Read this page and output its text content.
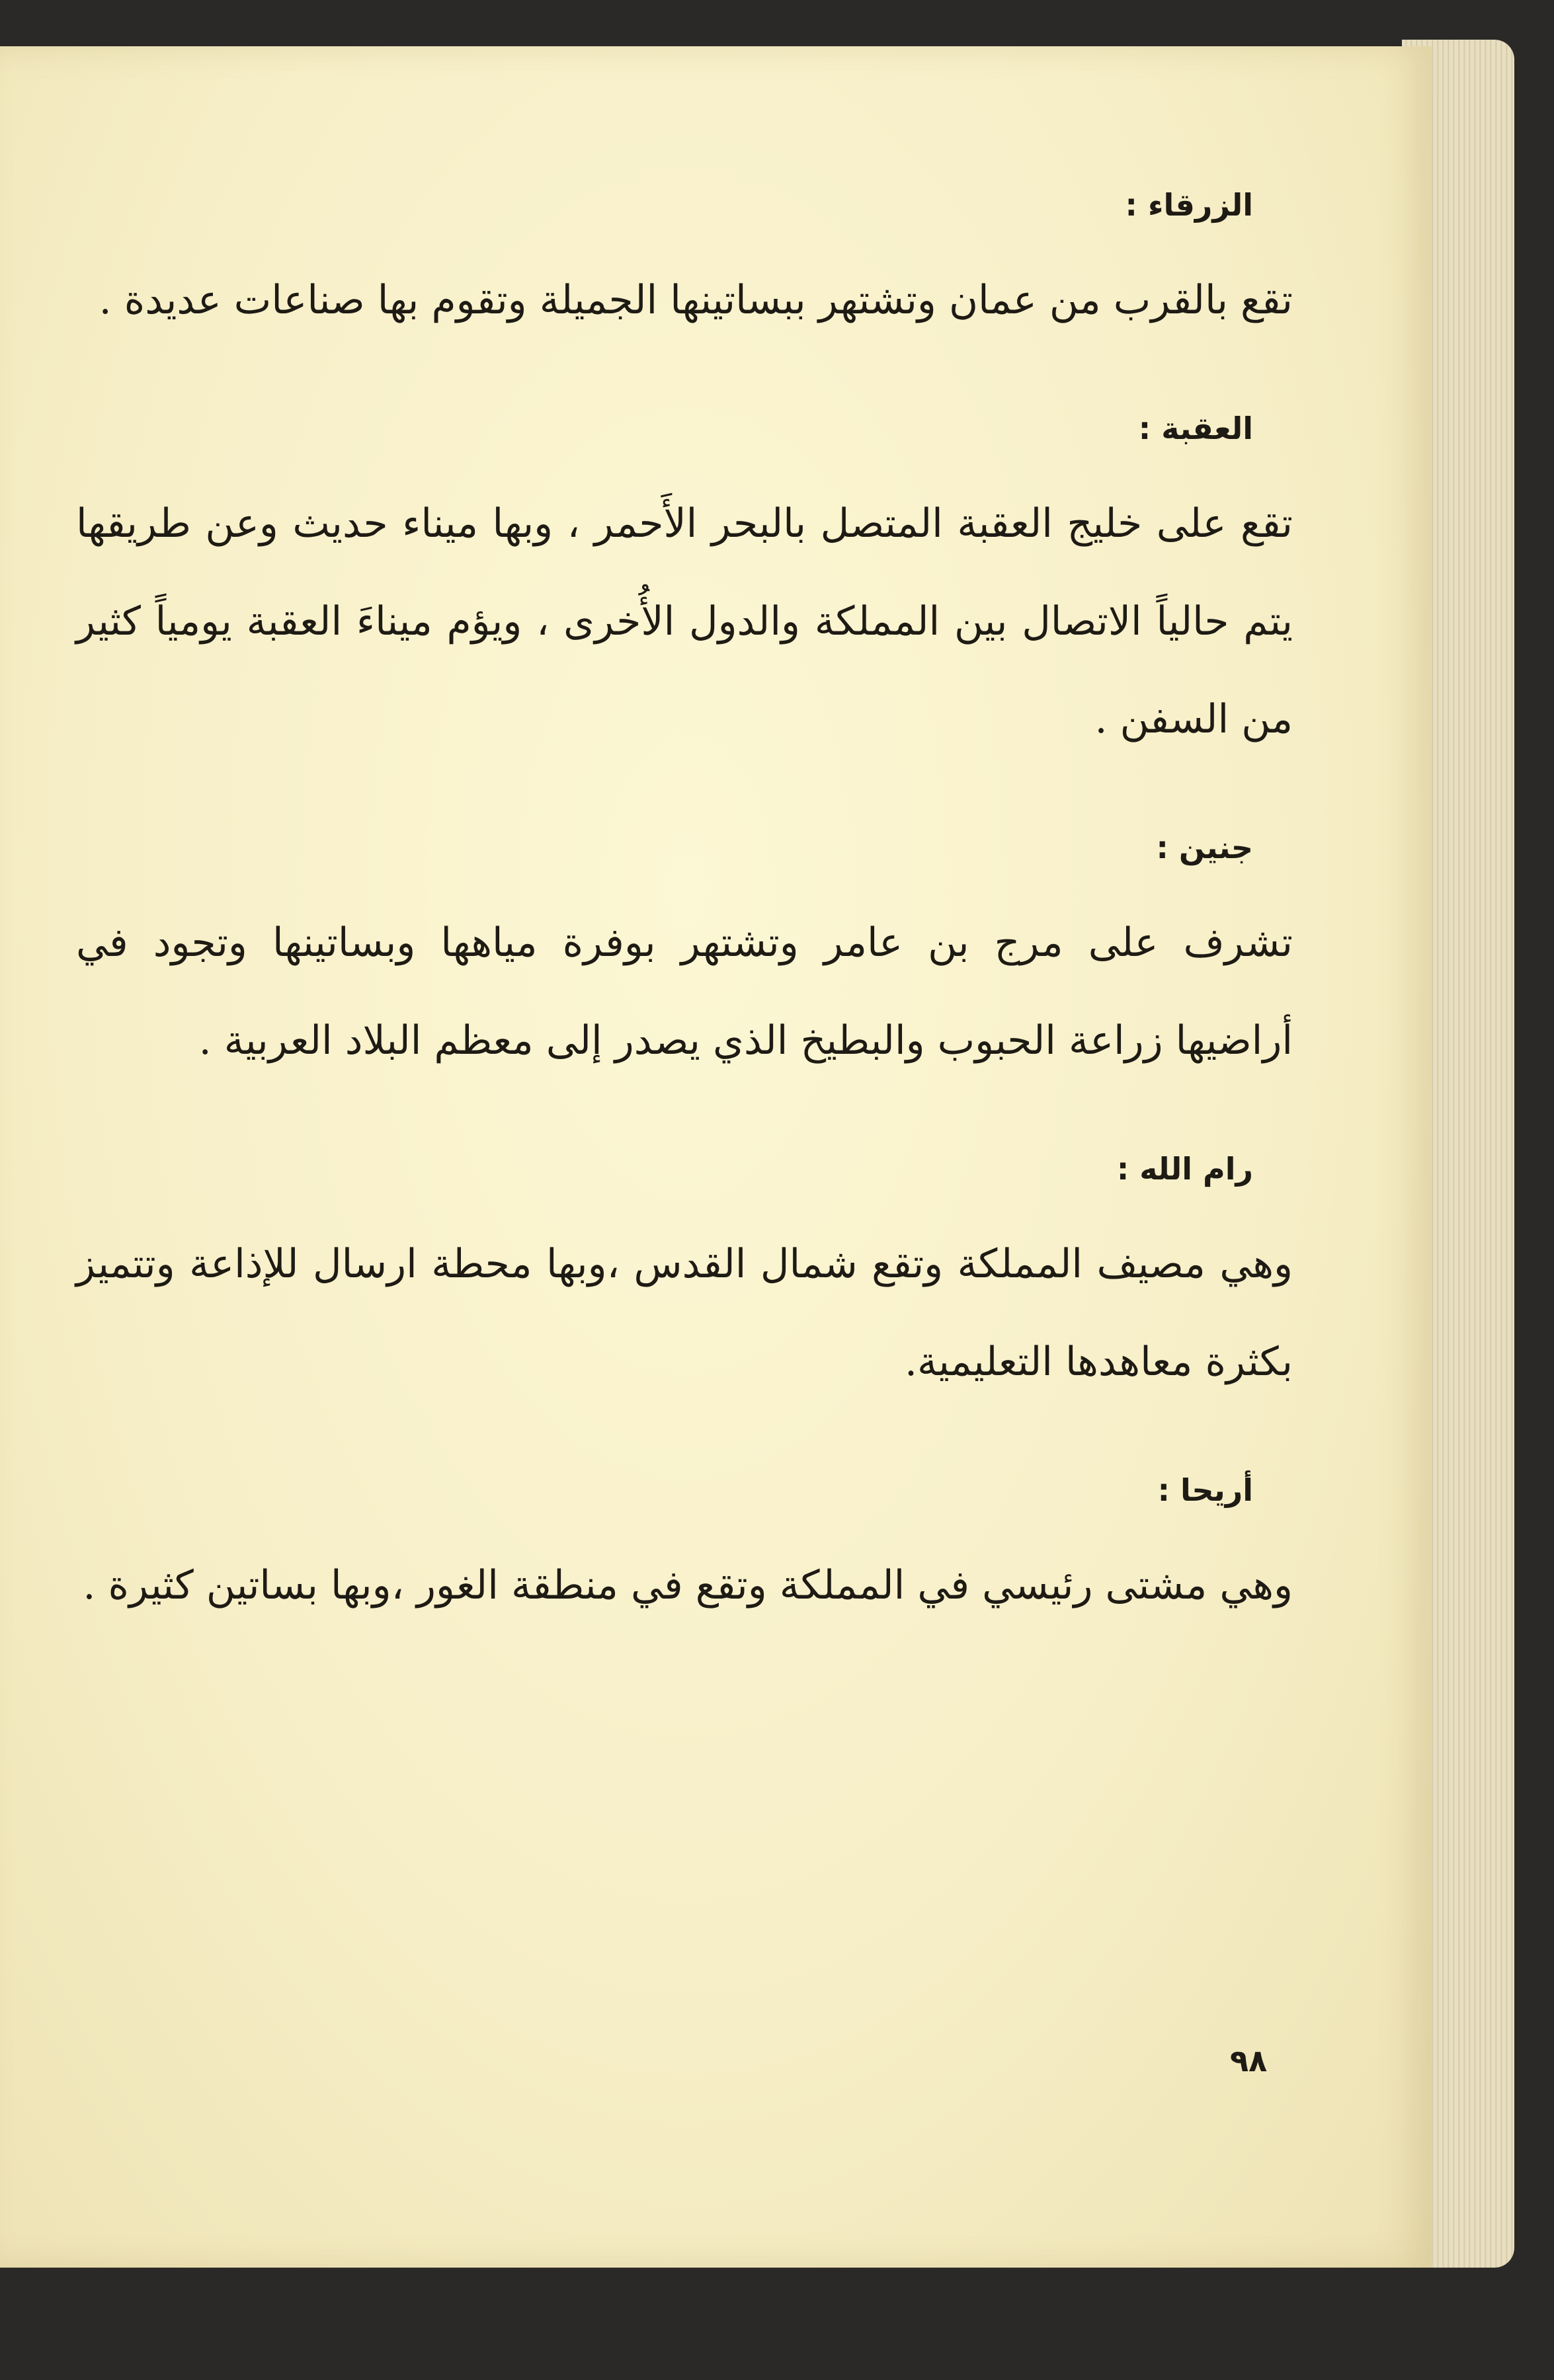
الزرقاء :

تقع بالقرب من عمان وتشتهر ببساتينها الجميلة وتقوم بها صناعات عديدة .

العقبة :

تقع على خليج العقبة المتصل بالبحر الأَحمر ، وبها ميناء حديث وعن طريقها يتم حالياً الاتصال بين المملكة والدول الأُخرى ، ويؤم ميناءَ العقبة يومياً كثير من السفن .

جنين :

تشرف على مرج بن عامر وتشتهر بوفرة مياهها وبساتينها وتجود في أراضيها زراعة الحبوب والبطيخ الذي يصدر إلى معظم البلاد العربية .

رام الله :

وهي مصيف المملكة وتقع شمال القدس ،وبها محطة ارسال للإذاعة وتتميز بكثرة معاهدها التعليمية.

أريحا :

وهي مشتى رئيسي في المملكة وتقع في منطقة الغور ،وبها بساتين كثيرة .

٩٨
